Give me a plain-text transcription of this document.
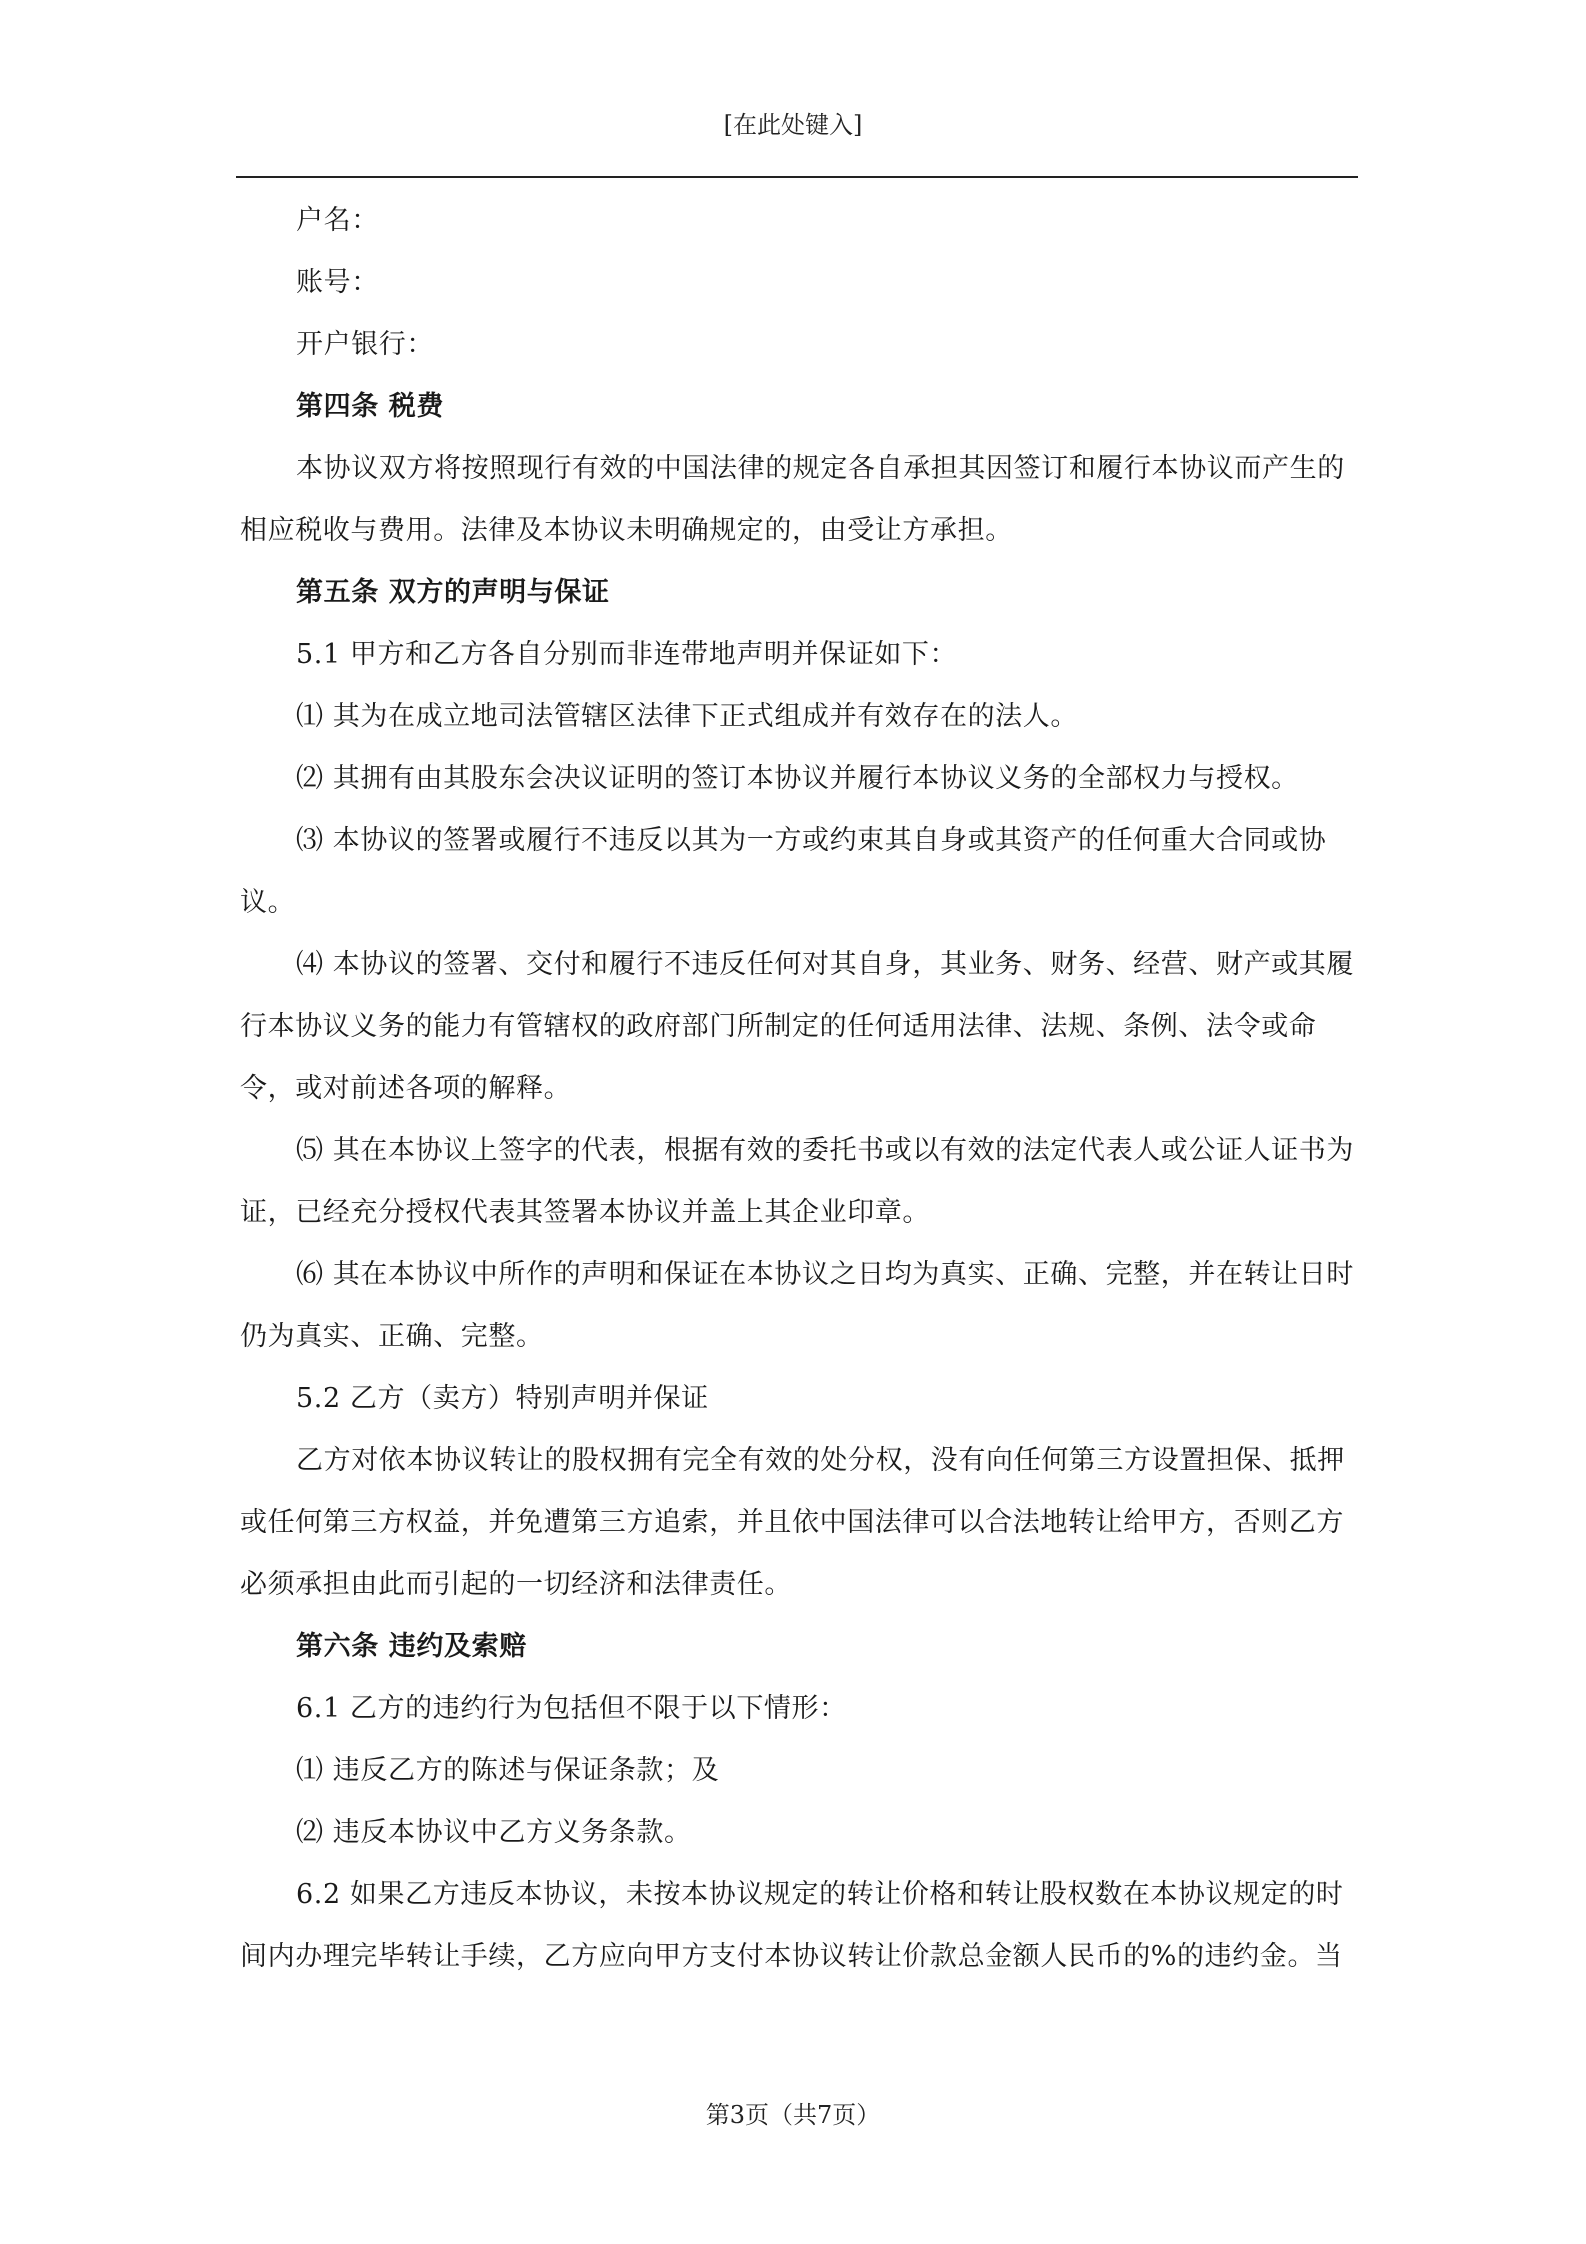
[在此处键入]

户名：

账号：

开户银行：

第四条 税费

本协议双方将按照现行有效的中国法律的规定各自承担其因签订和履行本协议而产生的相应税收与费用。法律及本协议未明确规定的，由受让方承担。

第五条 双方的声明与保证

5.1 甲方和乙方各自分别而非连带地声明并保证如下：

⑴ 其为在成立地司法管辖区法律下正式组成并有效存在的法人。

⑵ 其拥有由其股东会决议证明的签订本协议并履行本协议义务的全部权力与授权。

⑶ 本协议的签署或履行不违反以其为一方或约束其自身或其资产的任何重大合同或协议。

⑷ 本协议的签署、交付和履行不违反任何对其自身，其业务、财务、经营、财产或其履行本协议义务的能力有管辖权的政府部门所制定的任何适用法律、法规、条例、法令或命令，或对前述各项的解释。

⑸ 其在本协议上签字的代表，根据有效的委托书或以有效的法定代表人或公证人证书为证，已经充分授权代表其签署本协议并盖上其企业印章。

⑹ 其在本协议中所作的声明和保证在本协议之日均为真实、正确、完整，并在转让日时仍为真实、正确、完整。

5.2 乙方（卖方）特别声明并保证

乙方对依本协议转让的股权拥有完全有效的处分权，没有向任何第三方设置担保、抵押或任何第三方权益，并免遭第三方追索，并且依中国法律可以合法地转让给甲方，否则乙方必须承担由此而引起的一切经济和法律责任。

第六条 违约及索赔

6.1 乙方的违约行为包括但不限于以下情形：

⑴ 违反乙方的陈述与保证条款；及

⑵ 违反本协议中乙方义务条款。

6.2 如果乙方违反本协议，未按本协议规定的转让价格和转让股权数在本协议规定的时间内办理完毕转让手续，乙方应向甲方支付本协议转让价款总金额人民币的%的违约金。当

第3页（共7页）
